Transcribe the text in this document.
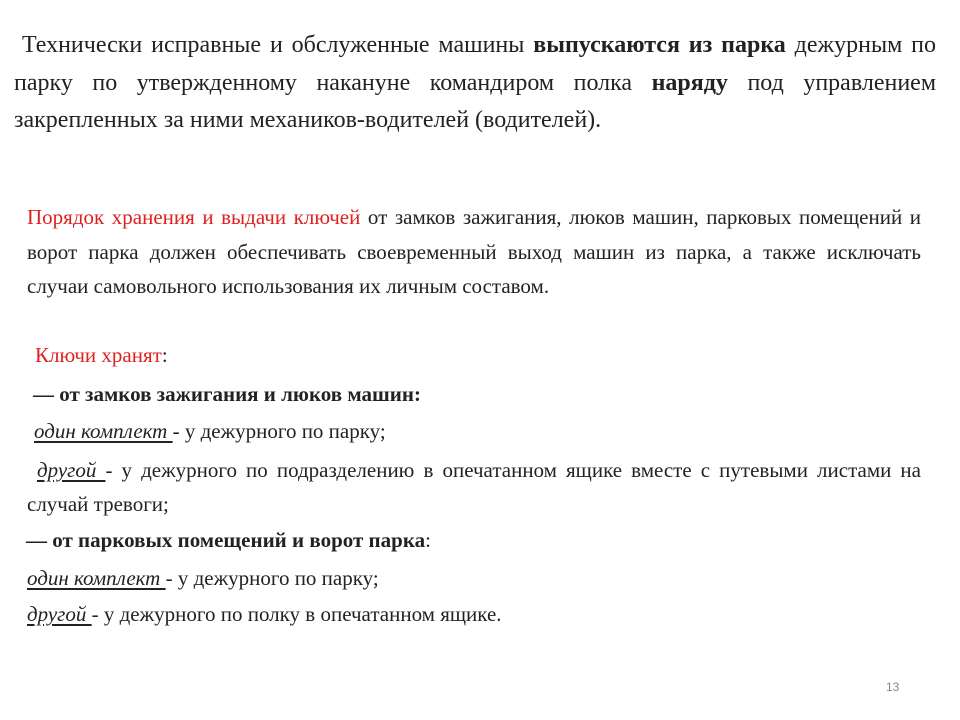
Технически исправные и обслуженные машины выпускаются из парка дежурным по парку по утвержденному накануне командиром полка наряду под управлением закрепленных за ними механиков-водителей (водителей).

Порядок хранения и выдачи ключей от замков зажигания, люков машин, парковых помещений и ворот парка должен обеспечивать своевременный выход машин из парка, а также исключать случаи самовольного использования их личным составом.

Ключи хранят:

— от замков зажигания и люков машин:

один комплект - у дежурного по парку;

другой - у дежурного по подразделению в опечатанном ящике вместе с путевыми листами на случай тревоги;

— от парковых помещений и ворот парка:

один комплект - у дежурного по парку;

другой - у дежурного по полку в опечатанном ящике.

13
